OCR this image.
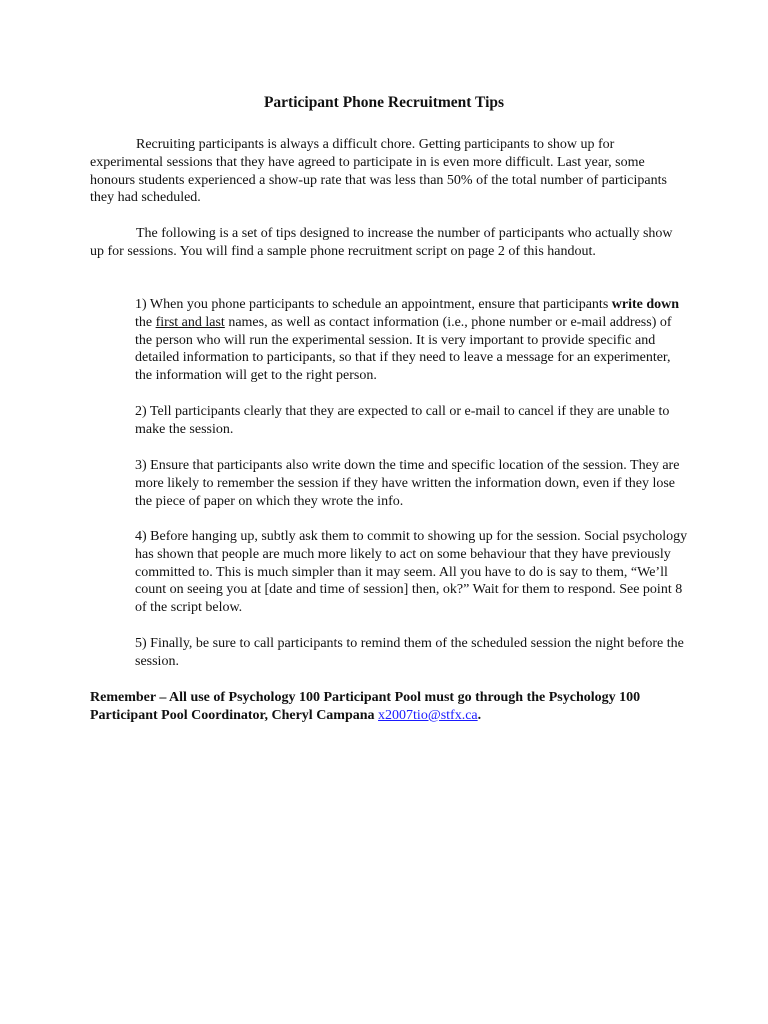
Participant Phone Recruitment Tips

Recruiting participants is always a difficult chore. Getting participants to show up for experimental sessions that they have agreed to participate in is even more difficult. Last year, some honours students experienced a show-up rate that was less than 50% of the total number of participants they had scheduled.

The following is a set of tips designed to increase the number of participants who actually show up for sessions. You will find a sample phone recruitment script on page 2 of this handout.

1) When you phone participants to schedule an appointment, ensure that participants write down the first and last names, as well as contact information (i.e., phone number or e-mail address) of the person who will run the experimental session. It is very important to provide specific and detailed information to participants, so that if they need to leave a message for an experimenter, the information will get to the right person.

2) Tell participants clearly that they are expected to call or e-mail to cancel if they are unable to make the session.

3) Ensure that participants also write down the time and specific location of the session. They are more likely to remember the session if they have written the information down, even if they lose the piece of paper on which they wrote the info.

4) Before hanging up, subtly ask them to commit to showing up for the session. Social psychology has shown that people are much more likely to act on some behaviour that they have previously committed to. This is much simpler than it may seem. All you have to do is say to them, “We’ll count on seeing you at [date and time of session] then, ok?” Wait for them to respond. See point 8 of the script below.

5) Finally, be sure to call participants to remind them of the scheduled session the night before the session.

Remember – All use of Psychology 100 Participant Pool must go through the Psychology 100 Participant Pool Coordinator, Cheryl Campana x2007tio@stfx.ca.
